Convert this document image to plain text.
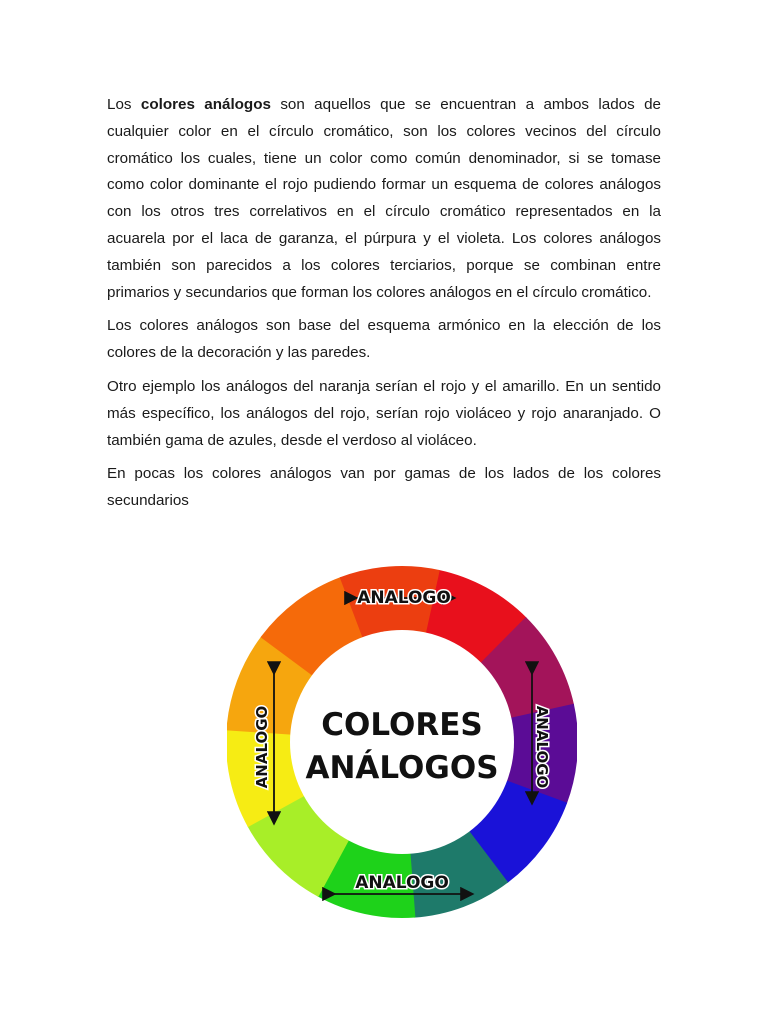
Los colores análogos son aquellos que se encuentran a ambos lados de cualquier color en el círculo cromático, son los colores vecinos del círculo cromático los cuales, tiene un color como común denominador, si se tomase como color dominante el rojo pudiendo formar un esquema de colores análogos con los otros tres correlativos en el círculo cromático representados en la acuarela por el laca de garanza, el púrpura y el violeta. Los colores análogos también son parecidos a los colores terciarios, porque se combinan entre primarios y secundarios que forman los colores análogos en el círculo cromático.

Los colores análogos son base del esquema armónico en la elección de los colores de la decoración y las paredes.

Otro ejemplo los análogos del naranja serían el rojo y el amarillo. En un sentido más específico, los análogos del rojo, serían rojo violáceo y rojo anaranjado. O también gama de azules, desde el verdoso al violáceo.

En pocas los colores análogos van por gamas de los lados de los colores secundarios

COLORES
ANÁLOGOS
ANALOGO
ANALOGO
ANALOGO	ANALOGO
